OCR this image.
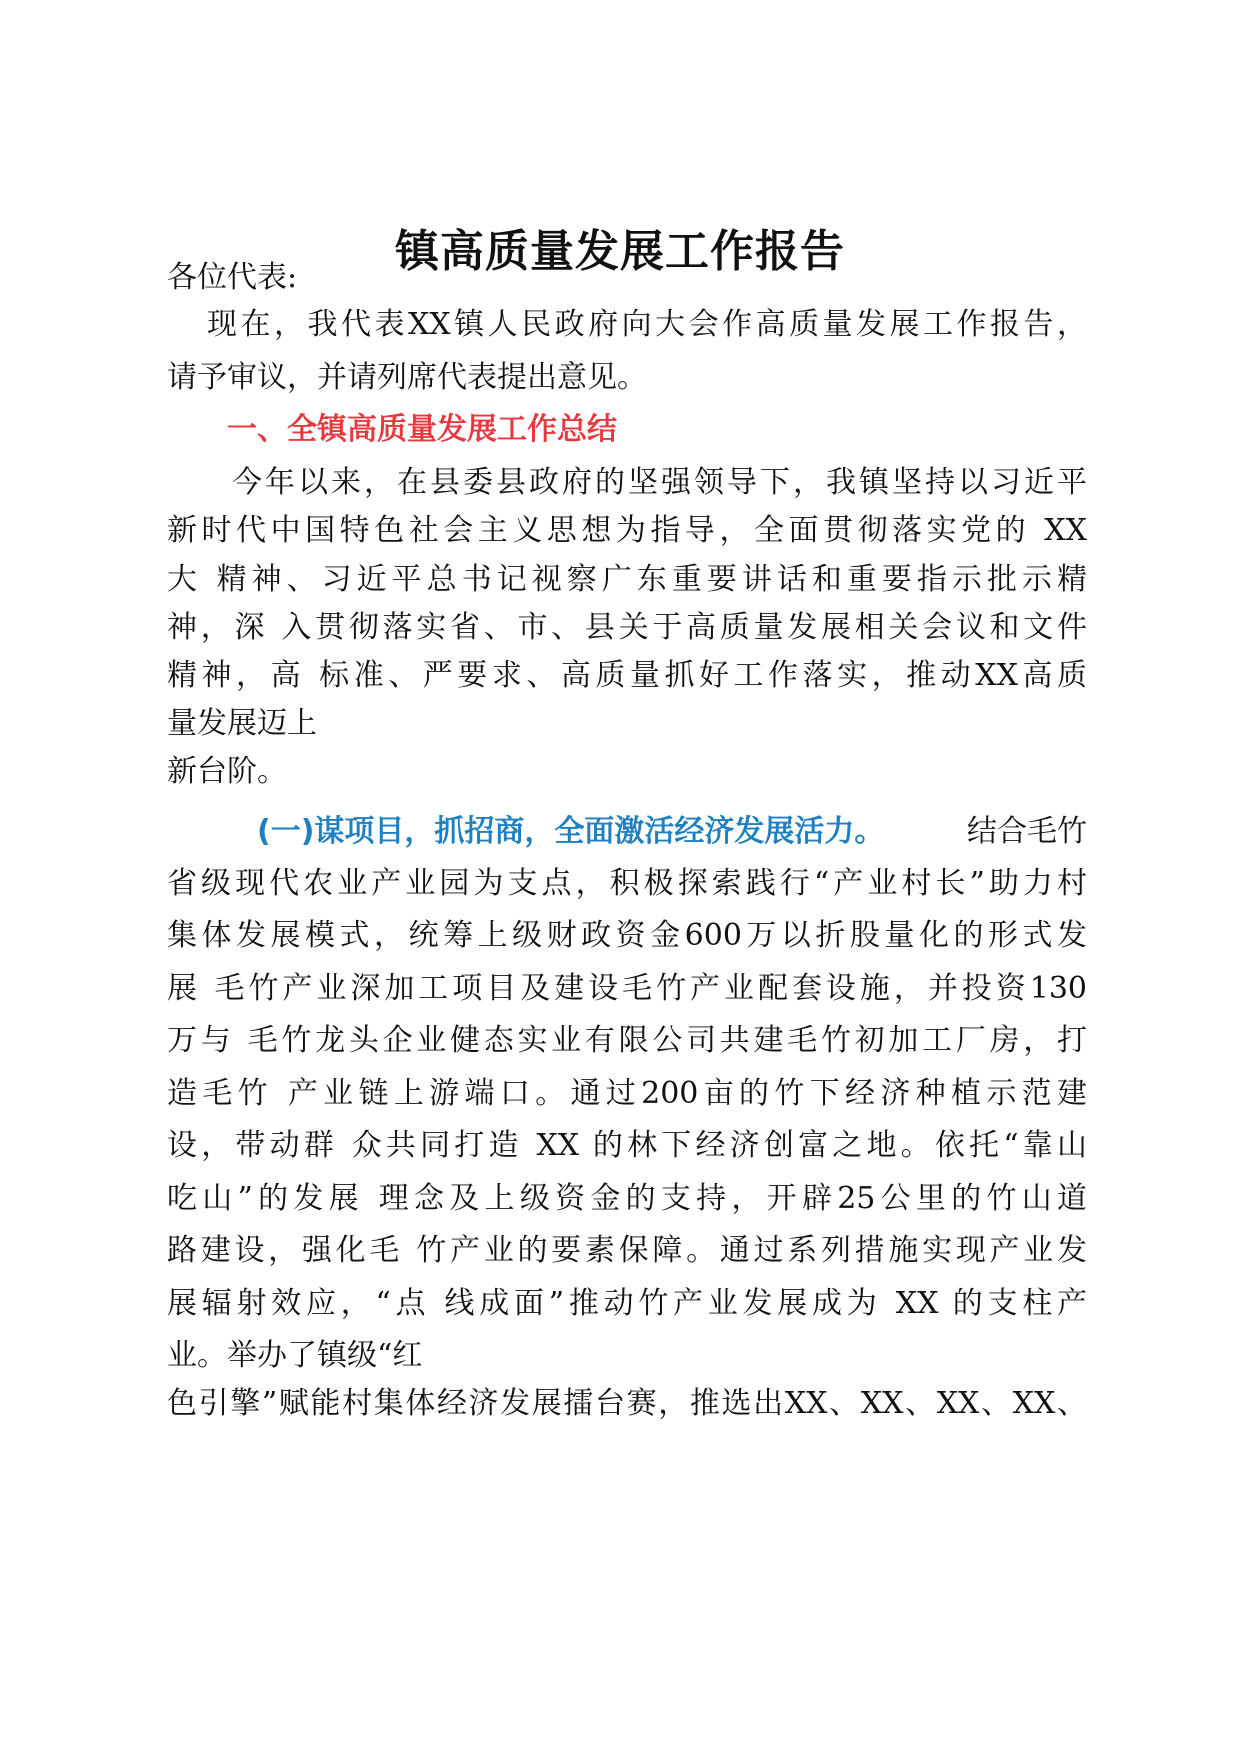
镇高质量发展工作报告
各位代表:
现在，我代表XX镇人民政府向大会作高质量发展工作报告，
请予审议，并请列席代表提出意见。
一、全镇高质量发展工作总结
今年以来，在县委县政府的坚强领导下，我镇坚持以习近平
新时代中国特色社会主义思想为指导，全面贯彻落实党的 XX
大 精神、习近平总书记视察广东重要讲话和重要指示批示精
神，深 入贯彻落实省、市、县关于高质量发展相关会议和文件
精神，高 标准、严要求、高质量抓好工作落实，推动XX高质
量发展迈上
新台阶。
(一)谋项目，抓招商，全面激活经济发展活力。	结合毛竹
省级现代农业产业园为支点，积极探索践行“产业村长”助力村
集体发展模式，统筹上级财政资金600万以折股量化的形式发
展 毛竹产业深加工项目及建设毛竹产业配套设施，并投资130
万与 毛竹龙头企业健态实业有限公司共建毛竹初加工厂房，打
造毛竹 产业链上游端口。通过200亩的竹下经济种植示范建
设，带动群 众共同打造 XX 的林下经济创富之地。依托“靠山
吃山”的发展 理念及上级资金的支持，开辟25公里的竹山道
路建设，强化毛 竹产业的要素保障。通过系列措施实现产业发
展辐射效应，“点 线成面”推动竹产业发展成为 XX 的支柱产
业。举办了镇级“红
色引擎”赋能村集体经济发展擂台赛，推选出XX、XX、XX、XX、
